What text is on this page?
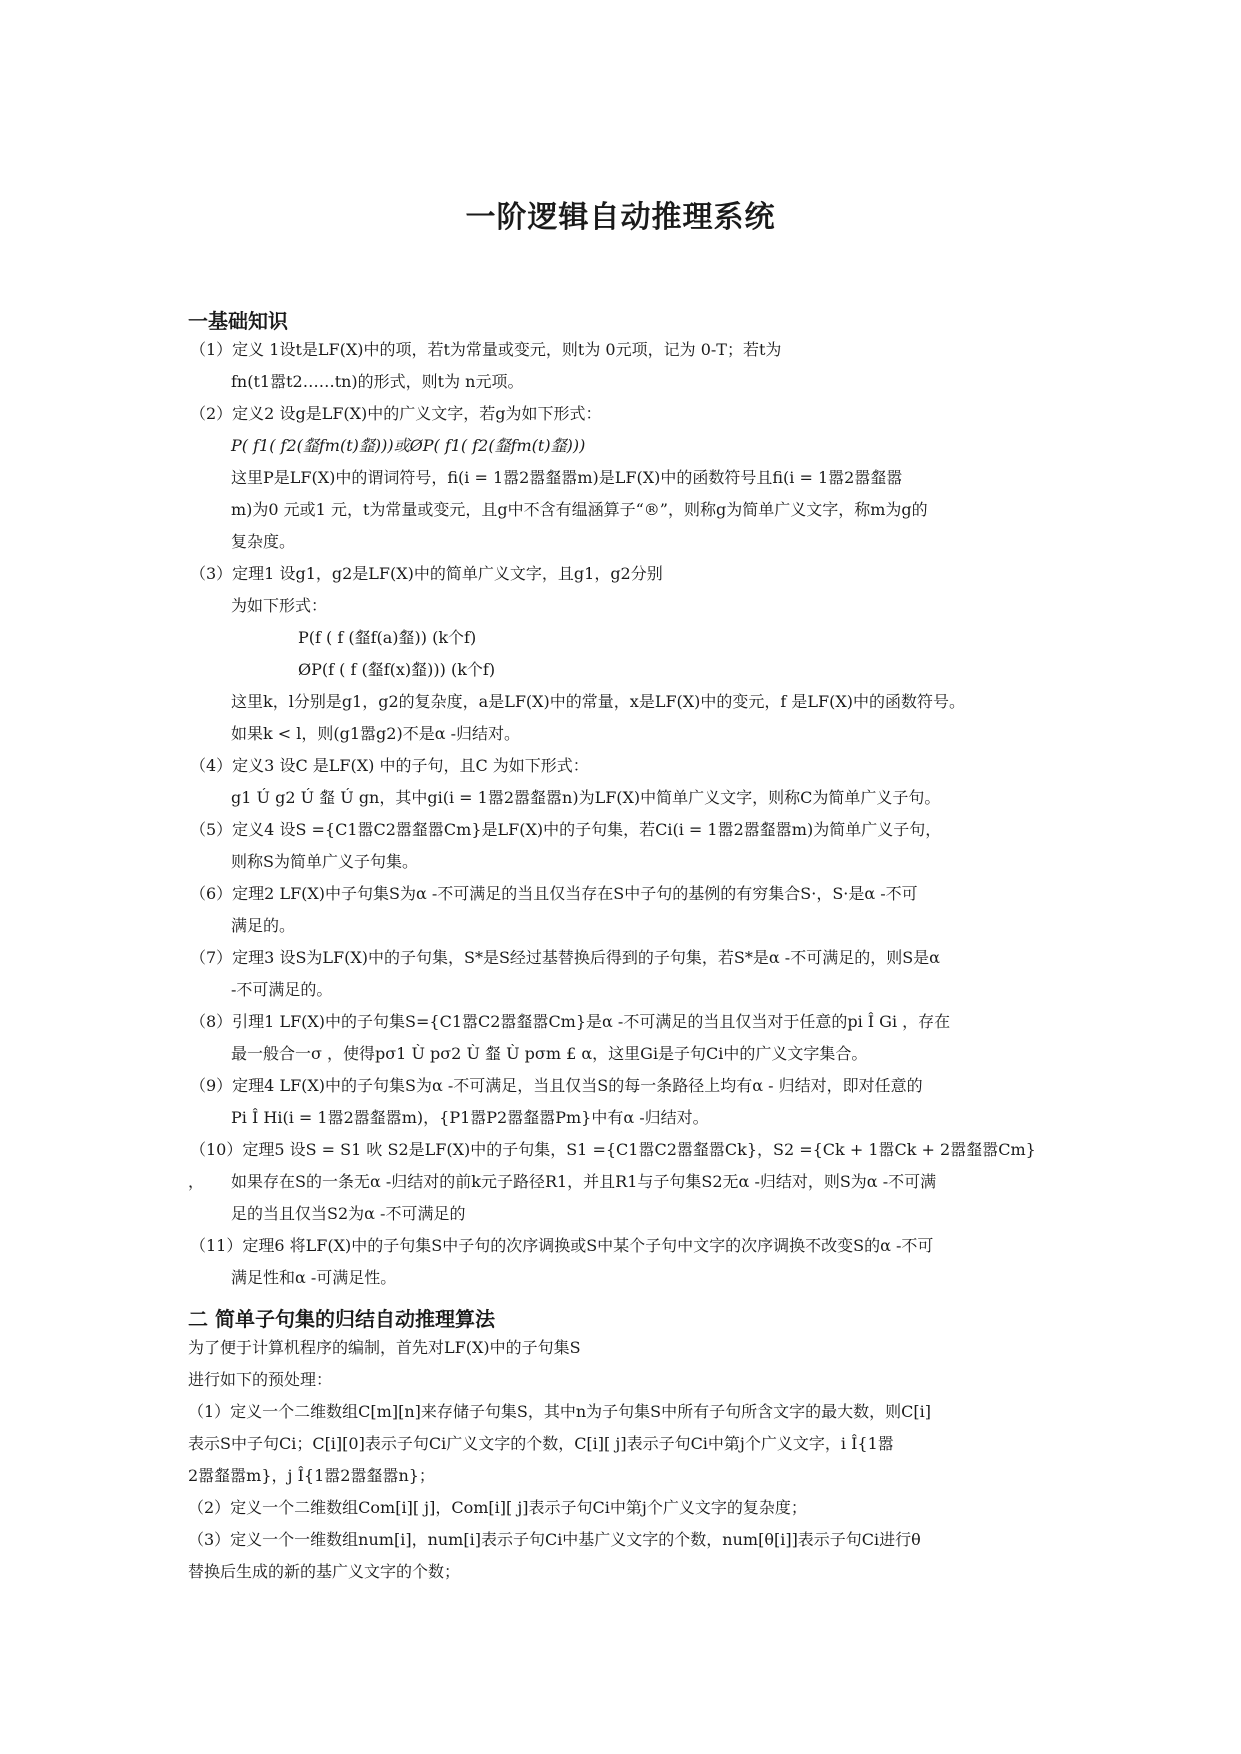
一阶逻辑自动推理系统
一基础知识
（1）定义 1设t是LF(X)中的项，若t为常量或变元，则t为 0元项，记为 0-T；若t为
fn(t1嚣t2……tn)的形式，则t为 n元项。
（2）定义2 设g是LF(X)中的广义文字，若g为如下形式：
P( f1( f2(韰fm(t)韰)))或ØP( f1( f2(韰fm(t)韰)))
这里P是LF(X)中的谓词符号，fi(i = 1嚣2嚣韰嚣m)是LF(X)中的函数符号且fi(i = 1嚣2嚣韰嚣
m)为0 元或1 元，t为常量或变元，且g中不含有缊涵算子“®”，则称g为简单广义文字，称m为g的
复杂度。
（3）定理1 设g1，g2是LF(X)中的简单广义文字，且g1，g2分别
为如下形式：
P(f ( f (韰f(a)韰)) (k个f)
ØP(f ( f (韰f(x)韰))) (k个f)
这里k，l分别是g1，g2的复杂度，a是LF(X)中的常量，x是LF(X)中的变元，f 是LF(X)中的函数符号。
如果k < l，则(g1嚣g2)不是α -归结对。
（4）定义3 设C 是LF(X) 中的子句，且C 为如下形式：
g1 Ú g2 Ú 韰 Ú gn，其中gi(i = 1嚣2嚣韰嚣n)为LF(X)中简单广义文字，则称C为简单广义子句。
（5）定义4 设S ={C1嚣C2嚣韰嚣Cm}是LF(X)中的子句集，若Ci(i = 1嚣2嚣韰嚣m)为简单广义子句，
则称S为简单广义子句集。
（6）定理2 LF(X)中子句集S为α -不可满足的当且仅当存在S中子句的基例的有穷集合S·，S·是α -不可
满足的。
（7）定理3 设S为LF(X)中的子句集，S*是S经过基替换后得到的子句集，若S*是α -不可满足的，则S是α
-不可满足的。
（8）引理1 LF(X)中的子句集S={C1嚣C2嚣韰嚣Cm}是α -不可满足的当且仅当对于任意的pi Î Gi ，存在
最一般合一σ ，使得pσ1 Ù pσ2 Ù 韰 Ù pσm £ α，这里Gi是子句Ci中的广义文字集合。
（9）定理4 LF(X)中的子句集S为α -不可满足，当且仅当S的每一条路径上均有α - 归结对，即对任意的
Pi Î Hi(i = 1嚣2嚣韰嚣m)，{P1嚣P2嚣韰嚣Pm}中有α -归结对。
（10）定理5 设S = S1 吙 S2是LF(X)中的子句集，S1 ={C1嚣C2嚣韰嚣Ck}，S2 ={Ck + 1嚣Ck + 2嚣韰嚣Cm}
， 如果存在S的一条无α -归结对的前k元子路径R1，并且R1与子句集S2无α -归结对，则S为α -不可满
足的当且仅当S2为α -不可满足的
（11）定理6 将LF(X)中的子句集S中子句的次序调换或S中某个子句中文字的次序调换不改变S的α -不可
满足性和α -可满足性。
二 简单子句集的归结自动推理算法
为了便于计算机程序的编制，首先对LF(X)中的子句集S
进行如下的预处理：
（1）定义一个二维数组C[m][n]来存储子句集S，其中n为子句集S中所有子句所含文字的最大数，则C[i]
表示S中子句Ci；C[i][0]表示子句Ci广义文字的个数，C[i][ j]表示子句Ci中第j个广义文字，i Î{1嚣
2嚣韰嚣m}，j Î{1嚣2嚣韰嚣n}；
（2）定义一个二维数组Com[i][ j]，Com[i][ j]表示子句Ci中第j个广义文字的复杂度；
（3）定义一个一维数组num[i]，num[i]表示子句Ci中基广义文字的个数，num[θ[i]]表示子句Ci进行θ
替换后生成的新的基广义文字的个数；
